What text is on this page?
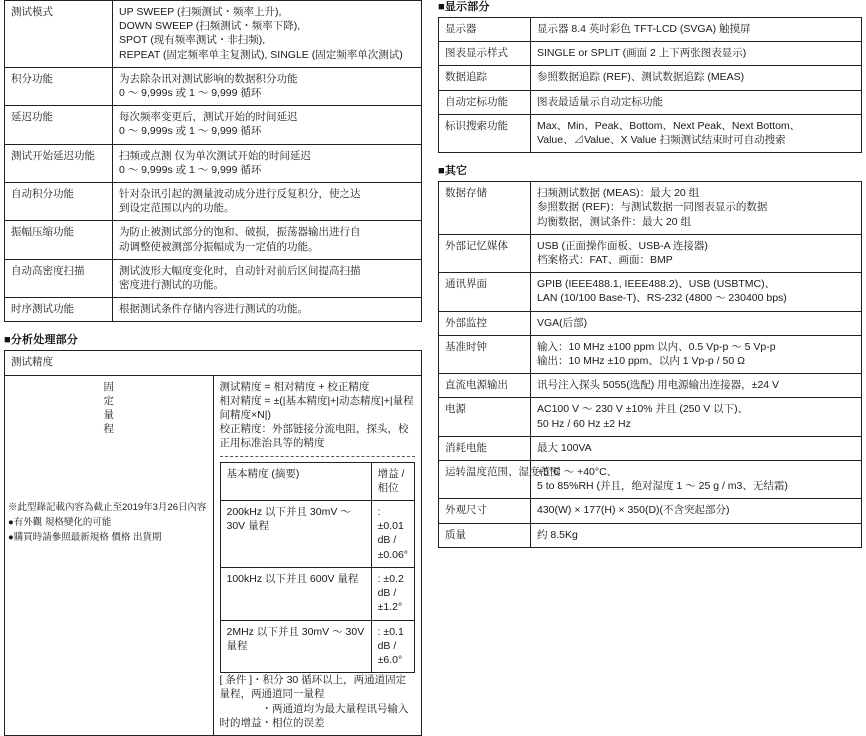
测试模式	UP SWEEP (扫频测试・频率上升),
DOWN SWEEP (扫频测试・频率下降),
SPOT (现有频率测试・非扫频),
REPEAT (固定频率单主复测试), SINGLE (固定频率单次测试)

积分功能	为去除杂讯对测试影响的数据积分功能
0 ～ 9,999s 或 1 ～ 9,999 循环

延迟功能	每次频率变更后，测试开始的时间延迟
0 ～ 9,999s 或 1 ～ 9,999 循环

测试开始延迟功能	扫频或点测 仅为单次测试开始的时间延迟
0 ～ 9,999s 或 1 ～ 9,999 循环

自动积分功能	针对杂讯引起的测量波动成分进行反复积分，使之达
到设定范围以内的功能。

振幅压缩功能	为防止被测试部分的饱和、破损，振荡器输出进行自
动调整使被测部分振幅成为一定值的功能。

自动高密度扫描	测试波形大幅度变化时，自动针对前后区间提高扫描
密度进行测试的功能。

时序测试功能	根据测试条件存储内容进行测试的功能。
■分析处理部分
测试精度

固定量程

测试精度 = 相对精度 + 校正精度
相对精度 = ±(|基本精度|+|动态精度|+|量程间精度×N|)
校正精度：外部链接分流电阻，探头，校正用标准治具等的精度
基本精度 (摘要)	增益 / 相位
200kHz 以下并且 30mV ～ 30V 量程	: ±0.01 dB / ±0.06°
100kHz 以下并且 600V 量程	: ±0.2 dB / ±1.2°
2MHz 以下并且 30mV ～ 30V 量程	: ±0.1 dB / ±6.0°
[ 条件 ]・积分 30 循环以上，两通道固定量程，两通道同一量程
　　　　・两通道均为最大量程讯号输入时的增益・相位的误差
※此型錄記載內容為截止至2019年3月26日內容
●有外觀 規格變化的可能
●購買時請參照最新規格 價格 出貨期
■显示部分
显示器	显示器 8.4 英吋彩色 TFT-LCD (SVGA) 触摸屏

图表显示样式	SINGLE or SPLIT (画面 2 上下两张图表显示)

数据追踪	参照数据追踪 (REF)、测试数据追踪 (MEAS)

自动定标功能	图表最适量示自动定标功能

标识搜索功能	Max、Min、Peak、Bottom、Next Peak、Next Bottom、
Value、⊿Value、X Value 扫频测试结束时可自动搜索
■其它
数据存储	扫频测试数据 (MEAS)：最大 20 组
参照数据 (REF)：与测试数据一同图表显示的数据
均衡数据，测试条件：最大 20 组

外部记忆媒体	USB (正面操作面板、USB-A 连接器)
档案格式：FAT、画面：BMP

通讯界面	GPIB (IEEE488.1, IEEE488.2)、USB (USBTMC)、
LAN (10/100 Base-T)、RS-232 (4800 ～ 230400 bps)

外部监控	VGA(后部)

基准时钟	输入：10 MHz ±100 ppm 以内、0.5 Vp-p ～ 5 Vp-p
输出：10 MHz ±10 ppm、以内 1 Vp-p / 50 Ω

直流电源输出	讯号注入探头 5055(选配) 用电源输出连接器，±24 V

电源	AC100 V ～ 230 V ±10% 并且 (250 V 以下)、
50 Hz / 60 Hz ±2 Hz

消耗电能	最大 100VA

运转温度范围、湿度范围	+5°C ～ +40°C、
5 to 85%RH (并且，绝对湿度 1 ～ 25 g / m3、无结霜)

外观尺寸	430(W) × 177(H) × 350(D)(不含突起部分)

质量	约 8.5Kg
